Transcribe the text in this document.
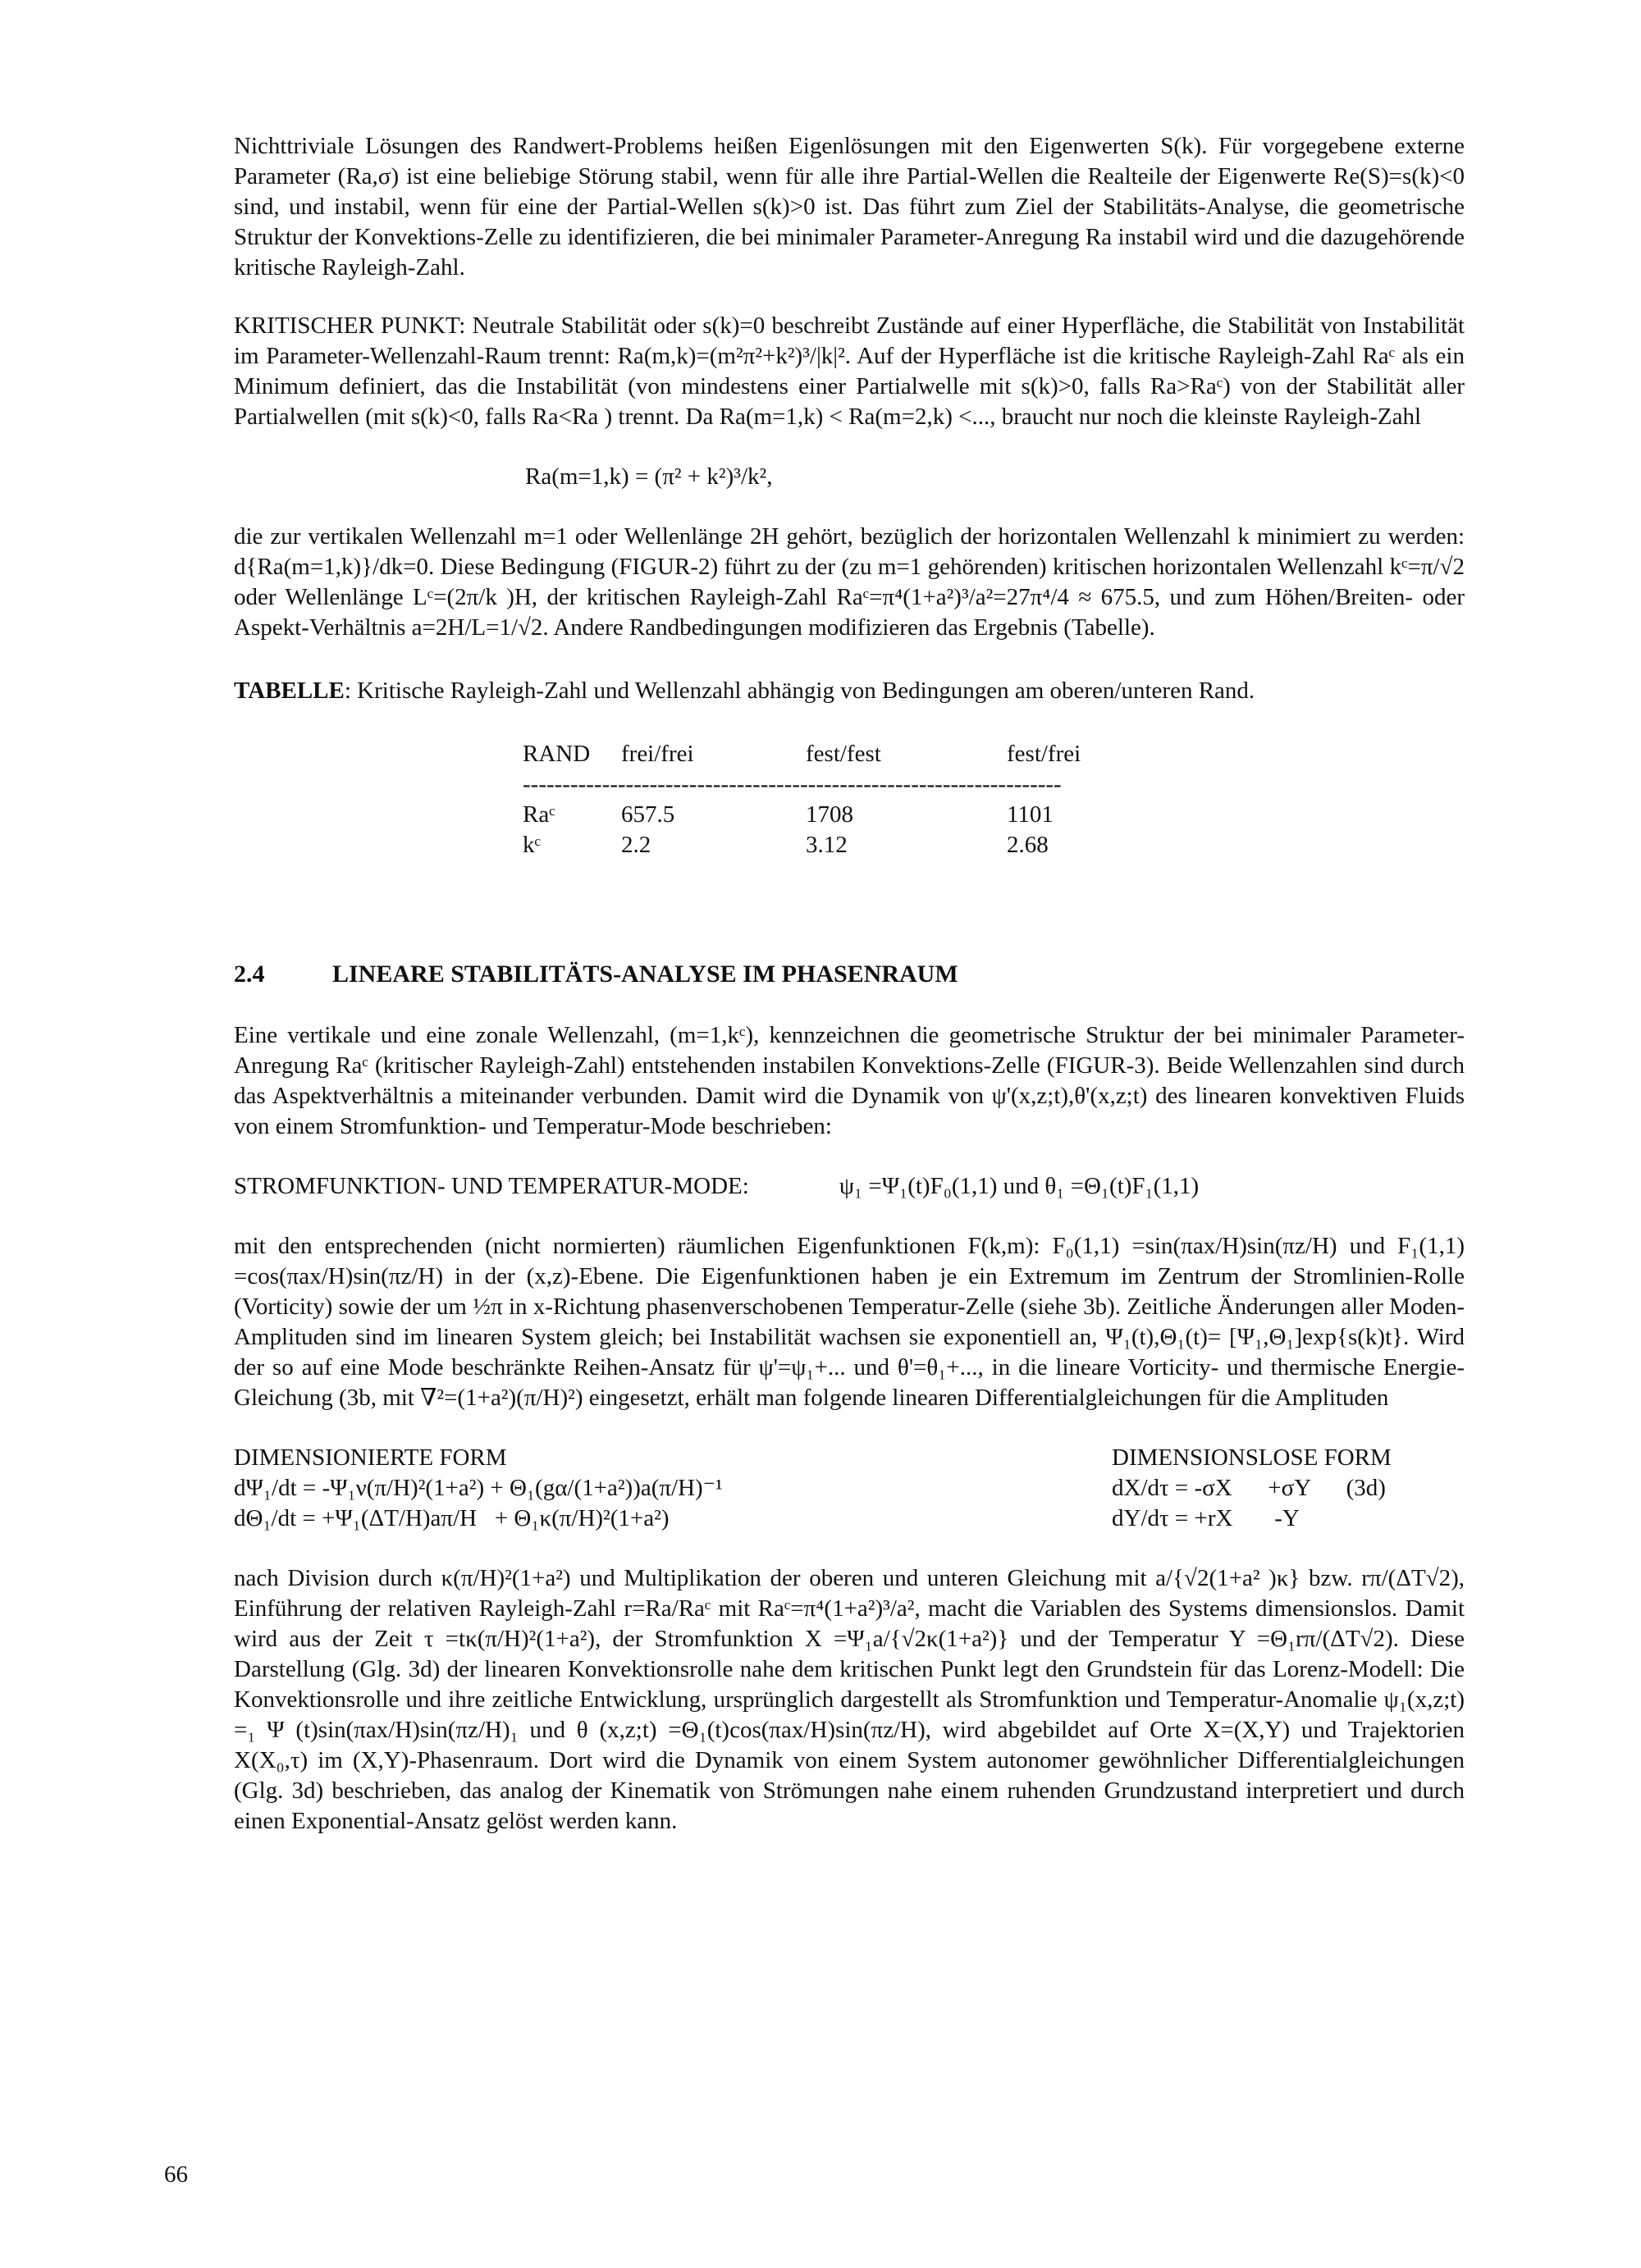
Nichttriviale Lösungen des Randwert-Problems heißen Eigenlösungen mit den Eigenwerten S(k). Für vorgegebene externe Parameter (Ra,σ) ist eine beliebige Störung stabil, wenn für alle ihre Partial-Wellen die Realteile der Eigenwerte Re(S)=s(k)<0 sind, und instabil, wenn für eine der Partial-Wellen s(k)>0 ist. Das führt zum Ziel der Stabilitäts-Analyse, die geometrische Struktur der Konvektions-Zelle zu identifizieren, die bei minimaler Parameter-Anregung Ra instabil wird und die dazugehörende kritische Rayleigh-Zahl.

KRITISCHER PUNKT: Neutrale Stabilität oder s(k)=0 beschreibt Zustände auf einer Hyperfläche, die Stabilität von Instabilität im Parameter-Wellenzahl-Raum trennt: Ra(m,k)=(m²π²+k²)³/|k|². Auf der Hyperfläche ist die kritische Rayleigh-Zahl Raᶜ als ein Minimum definiert, das die Instabilität (von mindestens einer Partialwelle mit s(k)>0, falls Ra>Raᶜ) von der Stabilität aller Partialwellen (mit s(k)<0, falls Ra<Ra ) trennt. Da Ra(m=1,k) < Ra(m=2,k) <..., braucht nur noch die kleinste Rayleigh-Zahl

Ra(m=1,k) = (π² + k²)³/k²,

die zur vertikalen Wellenzahl m=1 oder Wellenlänge 2H gehört, bezüglich der horizontalen Wellenzahl k minimiert zu werden: d{Ra(m=1,k)}/dk=0. Diese Bedingung (FIGUR-2) führt zu der (zu m=1 gehörenden) kritischen horizontalen Wellenzahl kᶜ=π/√2 oder Wellenlänge Lᶜ=(2π/k )H, der kritischen Rayleigh-Zahl Raᶜ=π⁴(1+a²)³/a²=27π⁴/4 ≈ 675.5, und zum Höhen/Breiten- oder Aspekt-Verhältnis a=2H/L=1/√2. Andere Randbedingungen modifizieren das Ergebnis (Tabelle).

TABELLE: Kritische Rayleigh-Zahl und Wellenzahl abhängig von Bedingungen am oberen/unteren Rand.
RAND	frei/frei	fest/fest	fest/frei

--------------------------------------------------------------------			

Raᶜ	657.5	1708	1101
kᶜ	2.2	3.12	2.68
2.4	LINEARE STABILITÄTS-ANALYSE IM PHASENRAUM

Eine vertikale und eine zonale Wellenzahl, (m=1,kᶜ), kennzeichnen die geometrische Struktur der bei minimaler Parameter-Anregung Raᶜ (kritischer Rayleigh-Zahl) entstehenden instabilen Konvektions-Zelle (FIGUR-3). Beide Wellenzahlen sind durch das Aspektverhältnis a miteinander verbunden. Damit wird die Dynamik von ψ'(x,z;t),θ'(x,z;t) des linearen konvektiven Fluids von einem Stromfunktion- und Temperatur-Mode beschrieben:

STROMFUNKTION- UND TEMPERATUR-MODE:	ψ₁ =Ψ₁(t)F₀(1,1) und θ₁ =Θ₁(t)F₁(1,1)

mit den entsprechenden (nicht normierten) räumlichen Eigenfunktionen F(k,m): F₀(1,1) =sin(πax/H)sin(πz/H) und F₁(1,1) =cos(πax/H)sin(πz/H) in der (x,z)-Ebene. Die Eigenfunktionen haben je ein Extremum im Zentrum der Stromlinien-Rolle (Vorticity) sowie der um ½π in x-Richtung phasenverschobenen Temperatur-Zelle (siehe 3b). Zeitliche Änderungen aller Moden-Amplituden sind im linearen System gleich; bei Instabilität wachsen sie exponentiell an, Ψ₁(t),Θ₁(t)= [Ψ₁,Θ₁]exp{s(k)t}. Wird der so auf eine Mode beschränkte Reihen-Ansatz für ψ'=ψ₁+... und θ'=θ₁+..., in die lineare Vorticity- und thermische Energie-Gleichung (3b, mit ∇²=(1+a²)(π/H)²) eingesetzt, erhält man folgende linearen Differentialgleichungen für die Amplituden

DIMENSIONIERTE FORM	DIMENSIONSLOSE FORM
dΨ₁/dt = -Ψ₁ν(π/H)²(1+a²) + Θ₁(gα/(1+a²))a(π/H)⁻¹	dX/dτ = -σX      +σY      (3d)
dΘ₁/dt = +Ψ₁(ΔT/H)aπ/H   + Θ₁κ(π/H)²(1+a²)	dY/dτ = +rX       -Y

nach Division durch κ(π/H)²(1+a²) und Multiplikation der oberen und unteren Gleichung mit a/{√2(1+a² )κ} bzw. rπ/(ΔT√2), Einführung der relativen Rayleigh-Zahl r=Ra/Raᶜ mit Raᶜ=π⁴(1+a²)³/a², macht die Variablen des Systems dimensionslos. Damit wird aus der Zeit τ =tκ(π/H)²(1+a²), der Stromfunktion X =Ψ₁a/{√2κ(1+a²)} und der Temperatur Y =Θ₁rπ/(ΔT√2). Diese Darstellung (Glg. 3d) der linearen Konvektionsrolle nahe dem kritischen Punkt legt den Grundstein für das Lorenz-Modell: Die Konvektionsrolle und ihre zeitliche Entwicklung, ursprünglich dargestellt als Stromfunktion und Temperatur-Anomalie ψ₁(x,z;t) =₁ Ψ (t)sin(πax/H)sin(πz/H)₁ und θ (x,z;t) =Θ₁(t)cos(πax/H)sin(πz/H), wird abgebildet auf Orte X=(X,Y) und Trajektorien X(X₀,τ) im (X,Y)-Phasenraum. Dort wird die Dynamik von einem System autonomer gewöhnlicher Differentialgleichungen (Glg. 3d) beschrieben, das analog der Kinematik von Strömungen nahe einem ruhenden Grundzustand interpretiert und durch einen Exponential-Ansatz gelöst werden kann.

66
